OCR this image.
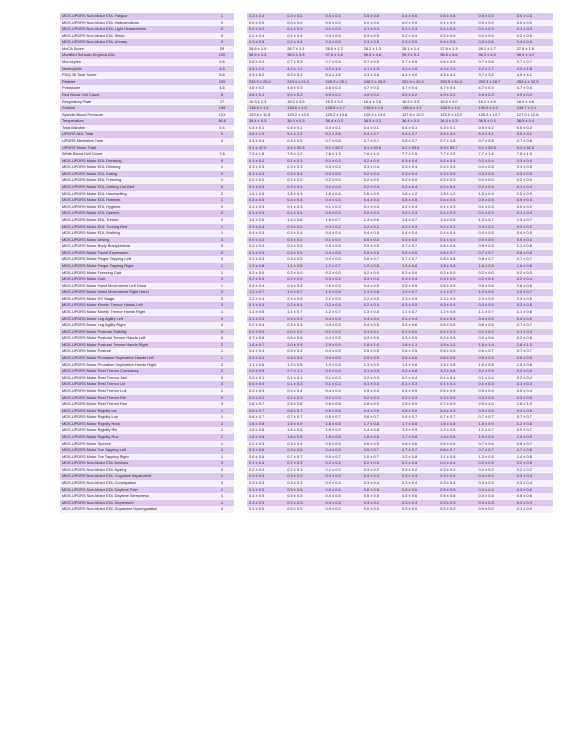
MDS-UPDRS Non-Motor EDL Fatigue	1		0.3 ± 0.4	0.4 ± 0.5	0.4 ± 0.5	0.5 ± 0.6	0.6 ± 0.6	0.5 ± 0.6	0.5 ± 0.6	0.5 ± 0.5
MDS-UPDRS Non-Motor EDL Hallucinations	0		0.0 ± 0.0	0.0 ± 0.0	0.0 ± 0.0	0.0 ± 0.0	0.0 ± 0.0	0.1 ± 0.0	0.0 ± 0.0	0.0 ± 0.0
MDS-UPDRS Non-Motor EDL Light Headedness	0		0.0 ± 0.2	0.1 ± 0.3	0.1 ± 0.3	0.1 ± 0.3	0.1 ± 0.3	0.1 ± 0.4	0.1 ± 0.3	0.1 ± 0.3
MDS-UPDRS Non-Motor EDL Sleep	0		0.2 ± 0.4	0.1 ± 0.4	0.3 ± 0.5	0.3 ± 0.5	0.2 ± 0.4	0.2 ± 0.5	0.2 ± 0.5	0.2 ± 0.5
MDS-UPDRS Non-Motor EDL Urinary	0		0.3 ± 0.5	0.2 ± 0.4	0.3 ± 0.5	0.3 ± 0.5	0.3 ± 0.5	0.4 ± 0.6	0.3 ± 0.6	0.4 ± 0.6
MoCA Score	29		28.6 ± 1.0	28.7 ± 1.1	28.5 ± 1.2	28.2 ± 1.3	28.1 ± 1.4	27.8 ± 1.3	28.1 ± 1.7	27.8 ± 1.6
Modified Schwab England ADL	100		98.5 ± 3.3	98.0 ± 3.8	97.6 ± 3.8	96.8 ± 4.8	96.3 ± 5.3	96.5 ± 5.6	96.3 ± 4.9	96.9 ± 4.2
Monocytes	0.6		0.6 ± 0.2	0.7 ± 0.3	0.7 ± 0.4	0.7 ± 0.5	0.7 ± 0.5	0.6 ± 0.5	0.7 ± 0.6	0.7 ± 0.7
Neutrophils	4.8		4.5 ± 1.2	4.2 ± 1.2	4.2 ± 1.4	4.1 ± 1.3	4.1 ± 1.6	4.3 ± 1.4	4.2 ± 1.7	4.3 ± 1.8
PDQ-39 Total Score	5.6		4.9 ± 5.2	6.3 ± 5.4	5.4 ± 3.6	4.3 ± 3.6	4.4 ± 4.0	4.5 ± 4.1	3.7 ± 3.6	4.5 ± 4.1
Platelet	239		234.0 ± 25.4	243.4 ± 21.9	245.3 ± 25.1	248.2 ± 25.9	252.9 ± 30.3	253.5 ± 30.3	250.3 ± 28.7	253.4 ± 32.9
Potassium	4.6		4.6 ± 0.2	4.6 ± 0.3	4.6 ± 0.3	4.7 ± 0.3	4.7 ± 0.4	4.7 ± 0.4	4.7 ± 0.4	4.7 ± 0.4
Red Blood Cell Count	5		4.8 ± 0.1	5.0 ± 0.2	4.9 ± 0.2	4.9 ± 0.2	4.9 ± 0.2	4.9 ± 0.2	4.9 ± 0.2	4.9 ± 0.2
Respiratory Rate	17		16.3 ± 2.3	16.2 ± 3.5	16.3 ± 3.2	16.4 ± 3.6	16.3 ± 3.3	16.0 ± 4.0	16.2 ± 4.5	16.0 ± 4.6
Sodium	138		138.5 ± 1.3	138.6 ± 1.0	138.5 ± 1.7	138.6 ± 1.6	138.8 ± 1.9	138.9 ± 1.9	139.0 ± 2.2	138.7 ± 2.1
Systolic Blood Pressure	131		129.6 ± 11.8	129.2 ± 13.0	129.2 ± 13.8	129.3 ± 13.6	127.6 ± 12.0	125.5 ± 13.2	126.0 ± 13.7	127.0 ± 12.6
Temperature	36.6		36.4 ± 0.3	36.4 ± 0.3	36.4 ± 0.3	36.5 ± 0.3	36.4 ± 0.3	36.4 ± 0.3	36.5 ± 0.3	36.5 ± 0.4
Total Bilirubin	0.4		0.4 ± 0.1	0.4 ± 0.1	0.4 ± 0.1	0.4 ± 0.1	0.4 ± 0.1	0.3 ± 0.1	0.5 ± 0.2	0.5 ± 0.2
UPDRS ADL Total	5		4.8 ± 1.9	5.1 ± 2.3	5.2 ± 2.6	5.4 ± 2.7	5.4 ± 2.7	5.6 ± 3.0	5.4 ± 3.1	5.5 ± 3.1
UPDRS Mentation Total	0		0.4 ± 0.4	0.4 ± 0.5	0.7 ± 0.6	0.7 ± 0.7	0.6 ± 0.7	0.7 ± 0.8	0.7 ± 0.8	0.7 ± 0.8
UPDRS Motor Total			5.1 ± 47.5	5.1 ± 52.8	5.1 ± 53.2	5.1 ± 53.8	5.2 ± 53.8	5.3 ± 53.7	5.1 ± 52.6	5.2 ± 52.8
White Blood Cell Count	7.8		7.3 ± 1.8	7.8 ± 1.2	7.6 ± 1.3	7.6 ± 1.4	7.7 ± 1.5	7.7 ± 1.5	7.7 ± 1.6	7.5 ± 1.5
MDS-UPDRS Motor EDL Dressing	0		0.1 ± 0.2	0.1 ± 0.3	0.1 ± 0.3	0.2 ± 0.4	0.3 ± 0.4	0.2 ± 0.4	0.2 ± 0.4	0.3 ± 0.4
MDS-UPDRS Motor EDL Drinking	1		0.3 ± 0.3	0.3 ± 0.3	0.3 ± 0.4	0.3 ± 0.4	0.3 ± 0.4	0.4 ± 0.5	0.4 ± 0.5	0.4 ± 0.5
MDS-UPDRS Motor EDL Eating	0		0.1 ± 0.3	0.2 ± 0.4	0.3 ± 0.5	0.2 ± 0.4	0.3 ± 0.4	0.3 ± 0.5	0.3 ± 0.5	0.3 ± 0.5
MDS-UPDRS Motor EDL Freezing	1		0.2 ± 0.0	0.2 ± 0.0	0.2 ± 0.0	0.2 ± 0.0	0.2 ± 0.0	0.2 ± 0.0	0.2 ± 0.0	0.2 ± 0.0
MDS-UPDRS Motor EDL Getting Out Bed	0		0.1 ± 0.3	0.2 ± 0.4	0.2 ± 0.4	0.2 ± 0.4	0.2 ± 0.4	0.2 ± 0.4	0.2 ± 0.4	0.1 ± 0.4
MDS-UPDRS Motor EDL Handwriting	2		1.6 ± 0.8	1.6 ± 0.9	1.6 ± 0.8	1.6 ± 0.9	1.6 ± 1.0	1.6 ± 1.0	1.5 ± 0.9	1.5 ± 0.9
MDS-UPDRS Motor EDL Hobbies	1		0.4 ± 0.5	0.4 ± 0.4	0.4 ± 0.4	0.4 ± 0.4	0.5 ± 0.5	0.5 ± 0.5	0.5 ± 0.5	0.5 ± 0.5
MDS-UPDRS Motor EDL Hygiene	0		0.1 ± 0.3	0.1 ± 0.3	0.1 ± 0.3	0.1 ± 0.3	0.2 ± 0.4	0.1 ± 0.3	0.1 ± 0.3	0.0 ± 0.2
MDS-UPDRS Motor EDL Speech	0		0.1 ± 0.3	0.1 ± 0.4	0.0 ± 0.3	0.2 ± 0.3	0.0 ± 0.3	0.1 ± 0.3	0.1 ± 0.3	0.1 ± 0.4
MDS-UPDRS Motor EDL Tremor	2		1.4 ± 0.6	1.4 ± 0.6	1.5 ± 0.7	1.3 ± 0.6	1.4 ± 0.7	1.4 ± 0.6	1.3 ± 0.7	1.3 ± 0.7
MDS-UPDRS Motor EDL Turning Bed	1		0.3 ± 0.3	0.3 ± 0.2	0.3 ± 0.2	0.2 ± 0.2	0.2 ± 0.3	0.2 ± 0.2	0.3 ± 0.2	0.2 ± 0.2
MDS-UPDRS Motor EDL Walking	1		0.4 ± 0.3	0.4 ± 0.4	0.4 ± 0.4	0.4 ± 0.5	0.4 ± 0.4	0.4 ± 0.4	0.4 ± 0.5	0.4 ± 0.5
MDS-UPDRS Motor Arising	0		0.0 ± 0.0	0.0 ± 0.0	0.1 ± 0.0	0.0 ± 0.0	0.0 ± 0.0	0.1 ± 0.0	0.0 ± 0.0	0.0 ± 0.0
MDS-UPDRS Motor Body Bradykinesia	0		0.2 ± 0.4	0.4 ± 0.5	0.5 ± 0.5	0.5 ± 0.5	0.7 ± 0.7	0.8 ± 0.8	0.8 ± 0.8	1.1 ± 0.8
MDS-UPDRS Motor Facial Expression	0		0.1 ± 0.3	0.2 ± 0.5	0.4 ± 0.6	0.5 ± 0.6	0.6 ± 0.6	0.6 ± 0.7	0.7 ± 0.7	0.8 ± 0.8
MDS-UPDRS Motor Finger Tapping Left	0		0.1 ± 0.3	0.3 ± 0.5	0.4 ± 0.6	0.6 ± 0.7	0.7 ± 0.7	0.8 ± 0.8	0.8 ± 0.7	0.7 ± 0.7
MDS-UPDRS Motor Finger Tapping Right	1		1.3 ± 0.8	1.1 ± 0.8	1.2 ± 0.7	1.0 ± 0.8	1.4 ± 0.8	1.5 ± 0.8	1.6 ± 0.8	1.6 ± 0.8
MDS-UPDRS Motor Freezing Gait	1		0.2 ± 0.0	0.2 ± 0.0	0.2 ± 0.0	0.2 ± 0.0	0.2 ± 0.0	0.2 ± 0.0	0.2 ± 0.0	0.2 ± 0.0
MDS-UPDRS Motor Gait	0		0.2 ± 0.4	0.2 ± 0.5	0.3 ± 0.4	0.3 ± 0.4	0.3 ± 0.4	0.3 ± 0.5	0.2 ± 0.4	0.2 ± 0.4
MDS-UPDRS Motor Hand Movements Left Hand	1		0.4 ± 0.4	0.4 ± 0.4	0.5 ± 0.5	0.4 ± 0.5	0.5 ± 0.5	0.5 ± 0.5	0.5 ± 0.6	0.6 ± 0.6
MDS-UPDRS Motor Hand Movements Right Hand	2		1.2 ± 0.7	1.0 ± 0.7	1.0 ± 0.8	1.1 ± 0.8	1.0 ± 0.7	1.1 ± 0.7	1.2 ± 0.6	1.2 ± 0.7
MDS-UPDRS Motor HY Stage	3		2.2 ± 0.4	2.2 ± 0.5	2.2 ± 0.5	2.2 ± 0.5	2.3 ± 0.5	2.3 ± 0.5	2.3 ± 0.5	2.3 ± 0.5
MDS-UPDRS Motor Kinetic Tremor Hands Left	0		0.1 ± 0.3	0.2 ± 0.4	0.2 ± 0.4	0.2 ± 0.4	0.3 ± 0.5	0.3 ± 0.4	0.3 ± 0.5	0.3 ± 0.5
MDS-UPDRS Motor Kinetic Tremor Hands Right	1		1.1 ± 0.6	1.1 ± 0.7	1.2 ± 0.7	1.3 ± 0.8	1.1 ± 0.7	1.2 ± 0.8	1.1 ± 0.7	1.1 ± 0.8
MDS-UPDRS Motor Leg Agility Left	0		0.1 ± 0.3	0.4 ± 0.3	0.3 ± 0.3	0.4 ± 0.4	0.4 ± 0.4	0.4 ± 0.4	0.4 ± 0.5	0.4 ± 0.5
MDS-UPDRS Motor Leg Agility Right	0		0.2 ± 0.4	0.3 ± 0.4	0.4 ± 0.5	0.4 ± 0.5	0.4 ± 0.6	0.6 ± 0.6	0.6 ± 0.6	0.7 ± 0.7
MDS-UPDRS Motor Postural Stability	0		0.0 ± 0.0	0.0 ± 0.2	0.1 ± 0.3	0.1 ± 0.1	0.1 ± 0.0	0.1 ± 0.3	0.1 ± 0.3	0.1 ± 0.3
MDS-UPDRS Motor Postural Tremor Hands Left	0		0.7 ± 0.6	0.6 ± 0.6	0.4 ± 0.5	0.3 ± 0.6	0.3 ± 0.5	0.2 ± 0.5	0.2 ± 0.6	0.2 ± 0.6
MDS-UPDRS Motor Postural Tremor Hands Right	2		1.8 ± 0.7	2.0 ± 0.9	1.9 ± 0.9	1.8 ± 1.0	1.8 ± 1.1	1.9 ± 1.2	1.8 ± 1.4	1.8 ± 1.2
MDS-UPDRS Motor Posture	1		0.4 ± 0.4	0.4 ± 0.4	0.4 ± 0.5	0.5 ± 0.5	0.6 ± 0.5	0.6 ± 0.6	0.6 ± 0.7	0.7 ± 0.7
MDS-UPDRS Motor Pronation Supination Hands Left	1		0.4 ± 0.4	0.4 ± 0.4	0.4 ± 0.5	0.5 ± 0.5	0.6 ± 0.6	0.6 ± 0.6	0.5 ± 0.5	0.6 ± 0.6
MDS-UPDRS Motor Pronation Supination Hands Right	2		1.1 ± 0.6	1.3 ± 0.8	1.3 ± 0.8	1.3 ± 0.9	1.4 ± 0.8	1.6 ± 0.8	1.6 ± 0.8	1.5 ± 0.8
MDS-UPDRS Motor Rest Tremor Constancy	2		2.6 ± 0.9	2.7 ± 1.1	3.0 ± 0.9	3.1 ± 0.9	3.2 ± 0.8	3.2 ± 0.8	3.2 ± 0.9	3.2 ± 0.9
MDS-UPDRS Motor Rest Tremor Jaw	0		0.0 ± 0.1	0.1 ± 0.2	0.1 ± 0.3	0.2 ± 0.4	0.2 ± 0.4	0.1 ± 0.4	0.1 ± 0.4	0.2 ± 0.4
MDS-UPDRS Motor Rest Tremor Lle	0		0.0 ± 0.0	0.1 ± 0.3	0.1 ± 0.3	0.1 ± 0.3	0.1 ± 0.3	0.1 ± 0.3	0.1 ± 0.3	0.1 ± 0.3
MDS-UPDRS Motor Rest Tremor Lue	1		0.2 ± 0.3	0.4 ± 0.4	0.4 ± 0.4	0.5 ± 0.5	0.5 ± 0.5	0.5 ± 0.5	0.5 ± 0.4	0.5 ± 0.4
MDS-UPDRS Motor Rest Tremor Rle	0		0.0 ± 0.2	0.1 ± 0.3	0.2 ± 0.3	0.2 ± 0.3	0.2 ± 0.3	0.3 ± 0.5	0.3 ± 0.5	0.3 ± 0.6
MDS-UPDRS Motor Rest Tremor Rue	3		2.8 ± 0.7	2.8 ± 0.8	2.8 ± 0.8	2.8 ± 0.9	2.9 ± 0.9	2.7 ± 0.9	2.9 ± 1.0	2.8 ± 1.0
MDS-UPDRS Motor Rigidity Lle	1		0.6 ± 0.7	0.6 ± 0.7	0.6 ± 0.6	0.4 ± 0.5	0.5 ± 0.6	0.4 ± 0.5	0.3 ± 0.5	0.4 ± 0.5
MDS-UPDRS Motor Rigidity Lue	1		0.6 ± 0.7	0.7 ± 0.7	0.6 ± 0.7	0.6 ± 0.7	0.6 ± 0.7	0.7 ± 0.7	0.7 ± 0.7	0.7 ± 0.7
MDS-UPDRS Motor Rigidity Neck	2		1.8 ± 0.8	1.6 ± 0.9	1.6 ± 0.8	1.7 ± 0.8	1.7 ± 0.8	1.6 ± 0.8	1.5 ± 0.9	1.2 ± 0.8
MDS-UPDRS Motor Rigidity Rle	1		1.6 ± 0.8	1.6 ± 0.8	1.6 ± 0.9	1.4 ± 0.8	1.3 ± 0.9	1.2 ± 0.8	1.1 ± 0.7	0.9 ± 0.7
MDS-UPDRS Motor Rigidity Rue	2		1.8 ± 0.8	1.8 ± 0.8	1.8 ± 0.8	1.8 ± 0.8	1.7 ± 0.8	1.8 ± 0.8	1.9 ± 0.9	1.9 ± 0.9
MDS-UPDRS Motor Speech	1		0.2 ± 0.3	0.3 ± 0.4	0.5 ± 0.5	0.6 ± 0.5	0.6 ± 0.6	0.6 ± 0.6	0.7 ± 0.6	0.8 ± 0.7
MDS-UPDRS Motor Toe Tapping Left	0		0.3 ± 0.5	0.3 ± 0.6	0.4 ± 0.6	0.5 ± 0.7	0.7 ± 0.7	0.6 ± 0.7	0.7 ± 0.7	0.7 ± 0.8
MDS-UPDRS Motor Toe Tapping Right	1		0.6 ± 0.6	0.7 ± 0.7	0.9 ± 0.7	1.0 ± 0.7	1.2 ± 0.8	1.1 ± 0.8	1.3 ± 0.8	1.4 ± 0.8
MDS-UPDRS Non-Motor EDL Anxious	0		0.1 ± 0.4	0.1 ± 0.3	0.2 ± 0.4	0.2 ± 0.5	0.2 ± 0.5	0.2 ± 0.4	0.2 ± 0.5	0.2 ± 0.5
MDS-UPDRS Non-Motor EDL Apathy	0		0.2 ± 0.2	0.2 ± 0.1	0.2 ± 0.0	0.3 ± 0.2	0.3 ± 0.2	0.3 ± 0.2	0.2 ± 0.2	0.2 ± 0.2
MDS-UPDRS Non-Motor EDL Cognitive Impairment	1		0.3 ± 0.3	0.3 ± 0.3	0.3 ± 0.3	0.3 ± 0.3	0.3 ± 0.3	0.3 ± 0.4	0.4 ± 0.4	0.3 ± 0.3
MDS-UPDRS Non-Motor EDL Constipation	0		0.3 ± 0.3	0.3 ± 0.4	0.4 ± 0.4	0.3 ± 0.4	0.3 ± 0.4	0.3 ± 0.4	0.3 ± 0.4	0.3 ± 0.4
MDS-UPDRS Non-Motor EDL Daytime Pain	1		0.4 ± 0.5	0.5 ± 0.6	0.6 ± 0.6	0.6 ± 0.6	0.6 ± 0.6	0.5 ± 0.6	0.4 ± 0.4	0.4 ± 0.5
MDS-UPDRS Non-Motor EDL Daytime Sleepiness	1		0.4 ± 0.5	0.4 ± 0.5	0.4 ± 0.5	0.5 ± 0.5	0.5 ± 0.6	0.6 ± 0.6	0.5 ± 0.6	0.5 ± 0.6
MDS-UPDRS Non-Motor EDL Depressed	1		0.3 ± 0.3	0.2 ± 0.3	0.3 ± 0.3	0.3 ± 0.2	0.3 ± 0.3	0.3 ± 0.3	0.3 ± 0.3	0.3 ± 0.3
MDS-UPDRS Non-Motor EDL Dopamine Dysregulation	0		0.1 ± 0.0	0.0 ± 0.0	0.0 ± 0.0	0.0 ± 0.0	0.0 ± 0.0	0.0 ± 0.0	0.0 ± 0.0	0.1 ± 0.0
